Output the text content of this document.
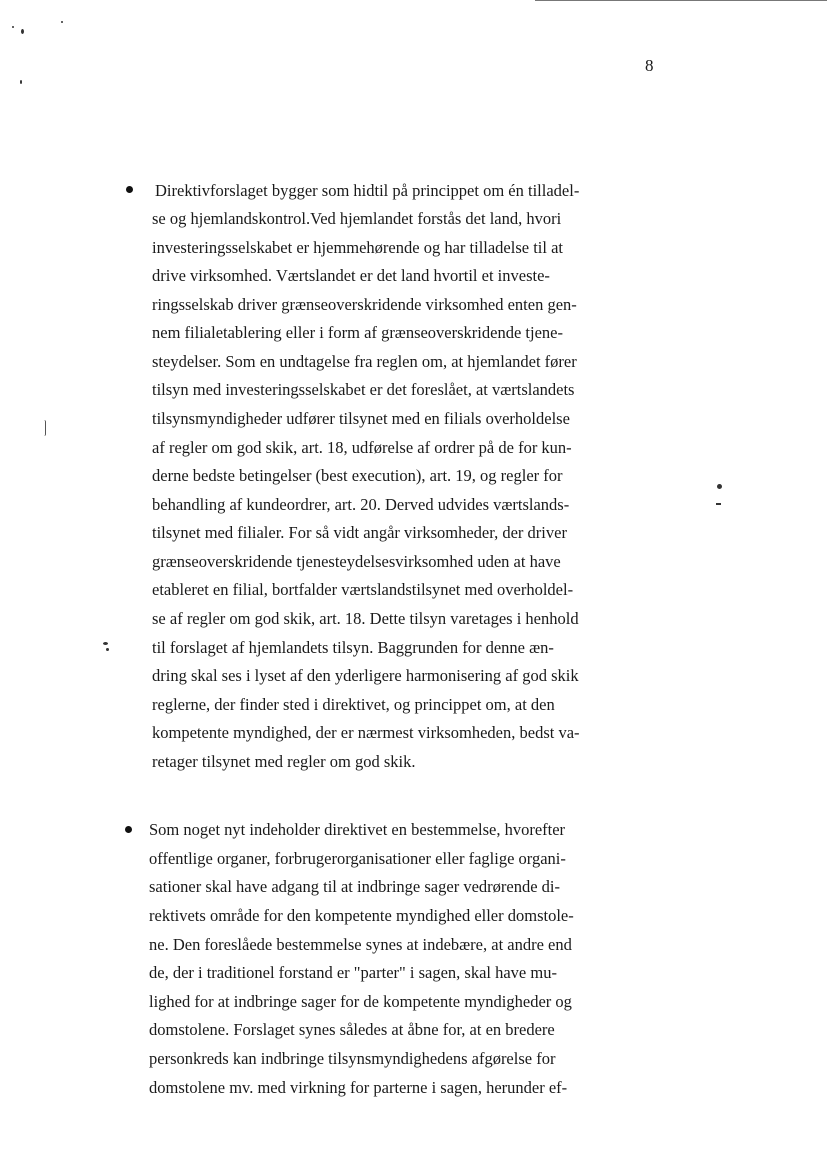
8
Direktivforslaget bygger som hidtil på princippet om én tilladel-
se og hjemlandskontrol.Ved hjemlandet forstås det land, hvori
investeringsselskabet er hjemmehørende og har tilladelse til at
drive virksomhed. Værtslandet er det land hvortil et investe-
ringsselskab driver grænseoverskridende virksomhed enten gen-
nem filialetablering eller i form af grænseoverskridende tjene-
steydelser. Som en undtagelse fra reglen om, at hjemlandet fører
tilsyn med investeringsselskabet er det foreslået, at værtslandets
tilsynsmyndigheder udfører tilsynet med en filials overholdelse
af regler om god skik, art. 18, udførelse af ordrer på de for kun-
derne bedste betingelser (best execution), art. 19, og regler for
behandling af kundeordrer, art. 20. Derved udvides værtslands-
tilsynet med filialer. For så vidt angår virksomheder, der driver
grænseoverskridende tjenesteydelsesvirksomhed uden at have
etableret en filial, bortfalder værtslandstilsynet med overholdel-
se af regler om god skik, art. 18. Dette tilsyn varetages i henhold
til forslaget af hjemlandets tilsyn. Baggrunden for denne æn-
dring skal ses i lyset af den yderligere harmonisering af god skik
reglerne, der finder sted i direktivet, og princippet om, at den
kompetente myndighed, der er nærmest virksomheden, bedst va-
retager tilsynet med regler om god skik.
Som noget nyt indeholder direktivet en bestemmelse, hvorefter
offentlige organer, forbrugerorganisationer eller faglige organi-
sationer skal have adgang til at indbringe sager vedrørende di-
rektivets område for den kompetente myndighed eller domstole-
ne. Den foreslåede bestemmelse synes at indebære, at andre end
de, der i traditionel forstand er "parter" i sagen, skal have mu-
lighed for at indbringe sager for de kompetente myndigheder og
domstolene. Forslaget synes således at åbne for, at en bredere
personkreds kan indbringe tilsynsmyndighedens afgørelse for
domstolene mv. med virkning for parterne i sagen, herunder ef-
